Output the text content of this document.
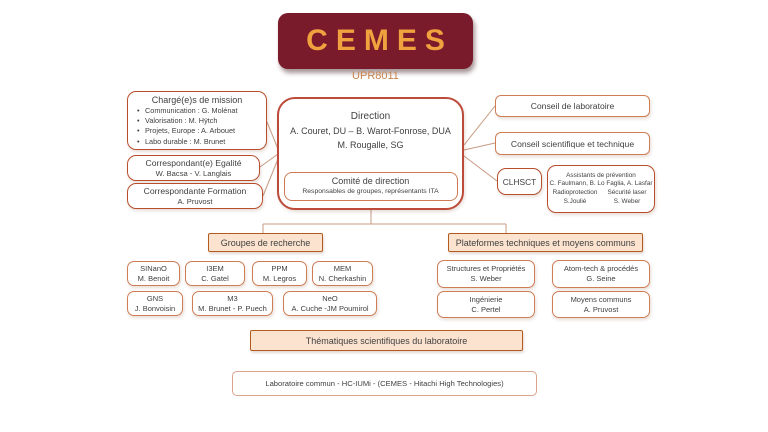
CEMES
UPR8011
Chargé(e)s de mission
• Communication : G. Molénat
• Valorisation : M. Hÿtch
• Projets, Europe : A. Arbouet
• Labo durable : M. Brunet
Correspondant(e) Egalité
W. Bacsa - V. Langlais
Correspondante Formation
A. Pruvost
Direction
A. Couret, DU – B. Warot-Fonrose, DUA
M. Rougalle, SG
Comité de direction
Responsables de groupes, représentants ITA
Conseil de laboratoire
Conseil scientifique et technique
CLHSCT
Assistants de prévention
C. Faulmann, B. Lo Faglia, A. Lasfar
Radioprotection	Sécurité laser
S.Joulié	S. Weber
Groupes de recherche	Plateformes techniques et moyens communs
SINanO
M. Benoit
I3EM
C. Gatel
PPM
M. Legros
MEM
N. Cherkashin
GNS
J. Bonvoisin
M3
M. Brunet - P. Puech
NeO
A. Cuche -JM Poumirol
Structures et Propriétés
S. Weber
Atom-tech & procédés
G. Seine
Ingénierie
C. Pertel
Moyens communs
A. Pruvost
Thématiques scientifiques du laboratoire
Laboratoire commun - HC-IUMi - (CEMES - Hitachi High Technologies)
